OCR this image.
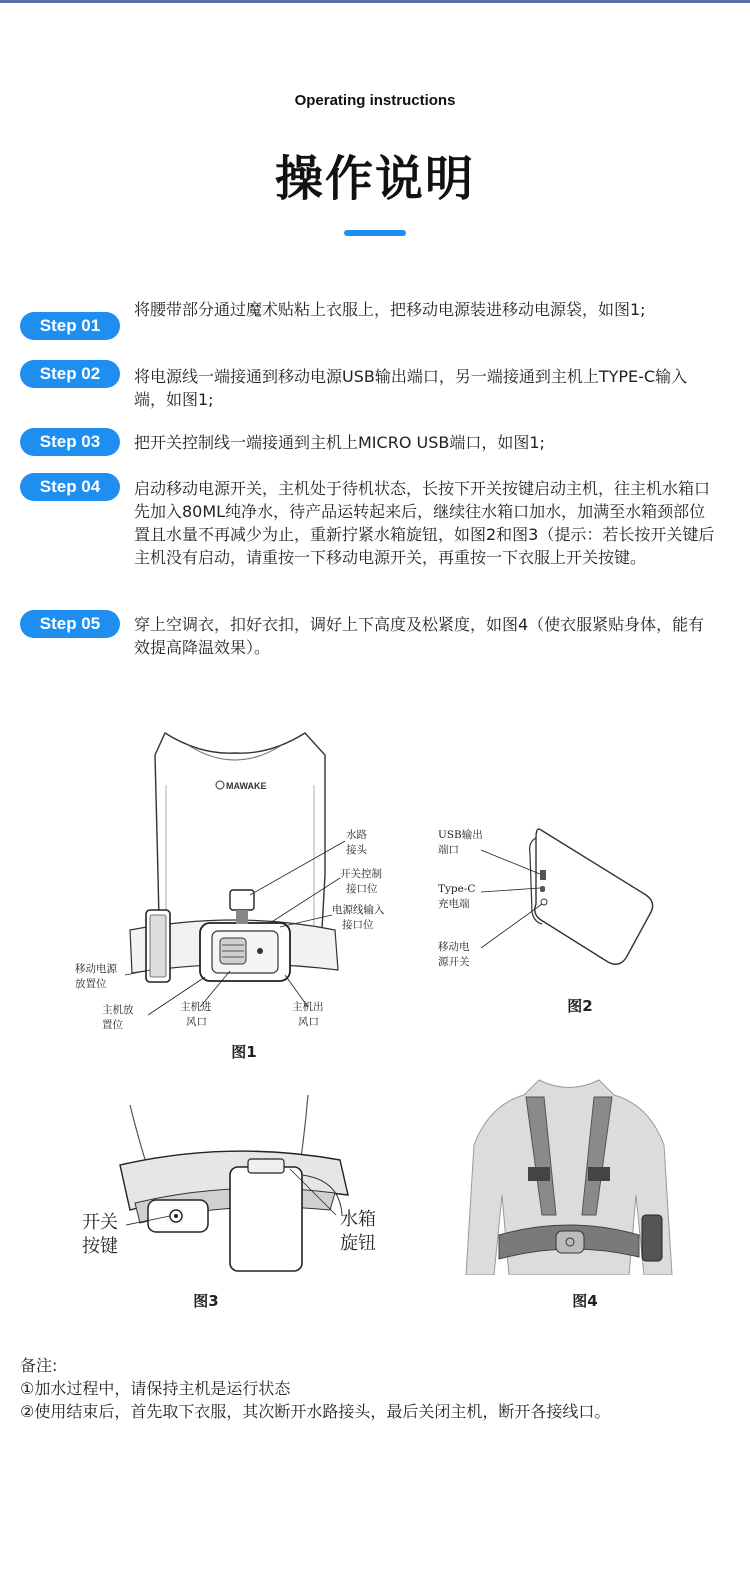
Operating instructions
操作说明
Step 01
将腰带部分通过魔术贴粘上衣服上，把移动电源装进移动电源袋，如图1;
Step 02	将电源线一端接通到移动电源USB输出端口，另一端接通到主机上TYPE-C输入端，如图1;
Step 03	把开关控制线一端接通到主机上MICRO USB端口，如图1;
Step 04	启动移动电源开关，主机处于待机状态，长按下开关按键启动主机，往主机水箱口先加入80ML纯净水，待产品运转起来后，继续往水箱口加水，加满至水箱颈部位置且水量不再减少为止，重新拧紧水箱旋钮，如图2和图3（提示：若长按开关键后主机没有启动，请重按一下移动电源开关，再重按一下衣服上开关按键。
Step 05	穿上空调衣，扣好衣扣，调好上下高度及松紧度，如图4（使衣服紧贴身体，能有效提高降温效果）。
MAWAKE
水路
接头
开关控制
接口位
电源线输入
接口位
移动电源
放置位
主机放
置位
主机进
风口
主机出
风口
图1
USB输出
端口
Type-C
充电端
移动电
源开关
图2
开关
按键
水箱
旋钮
图3	图4
备注:
①加水过程中，请保持主机是运行状态
②使用结束后，首先取下衣服，其次断开水路接头，最后关闭主机，断开各接线口。
